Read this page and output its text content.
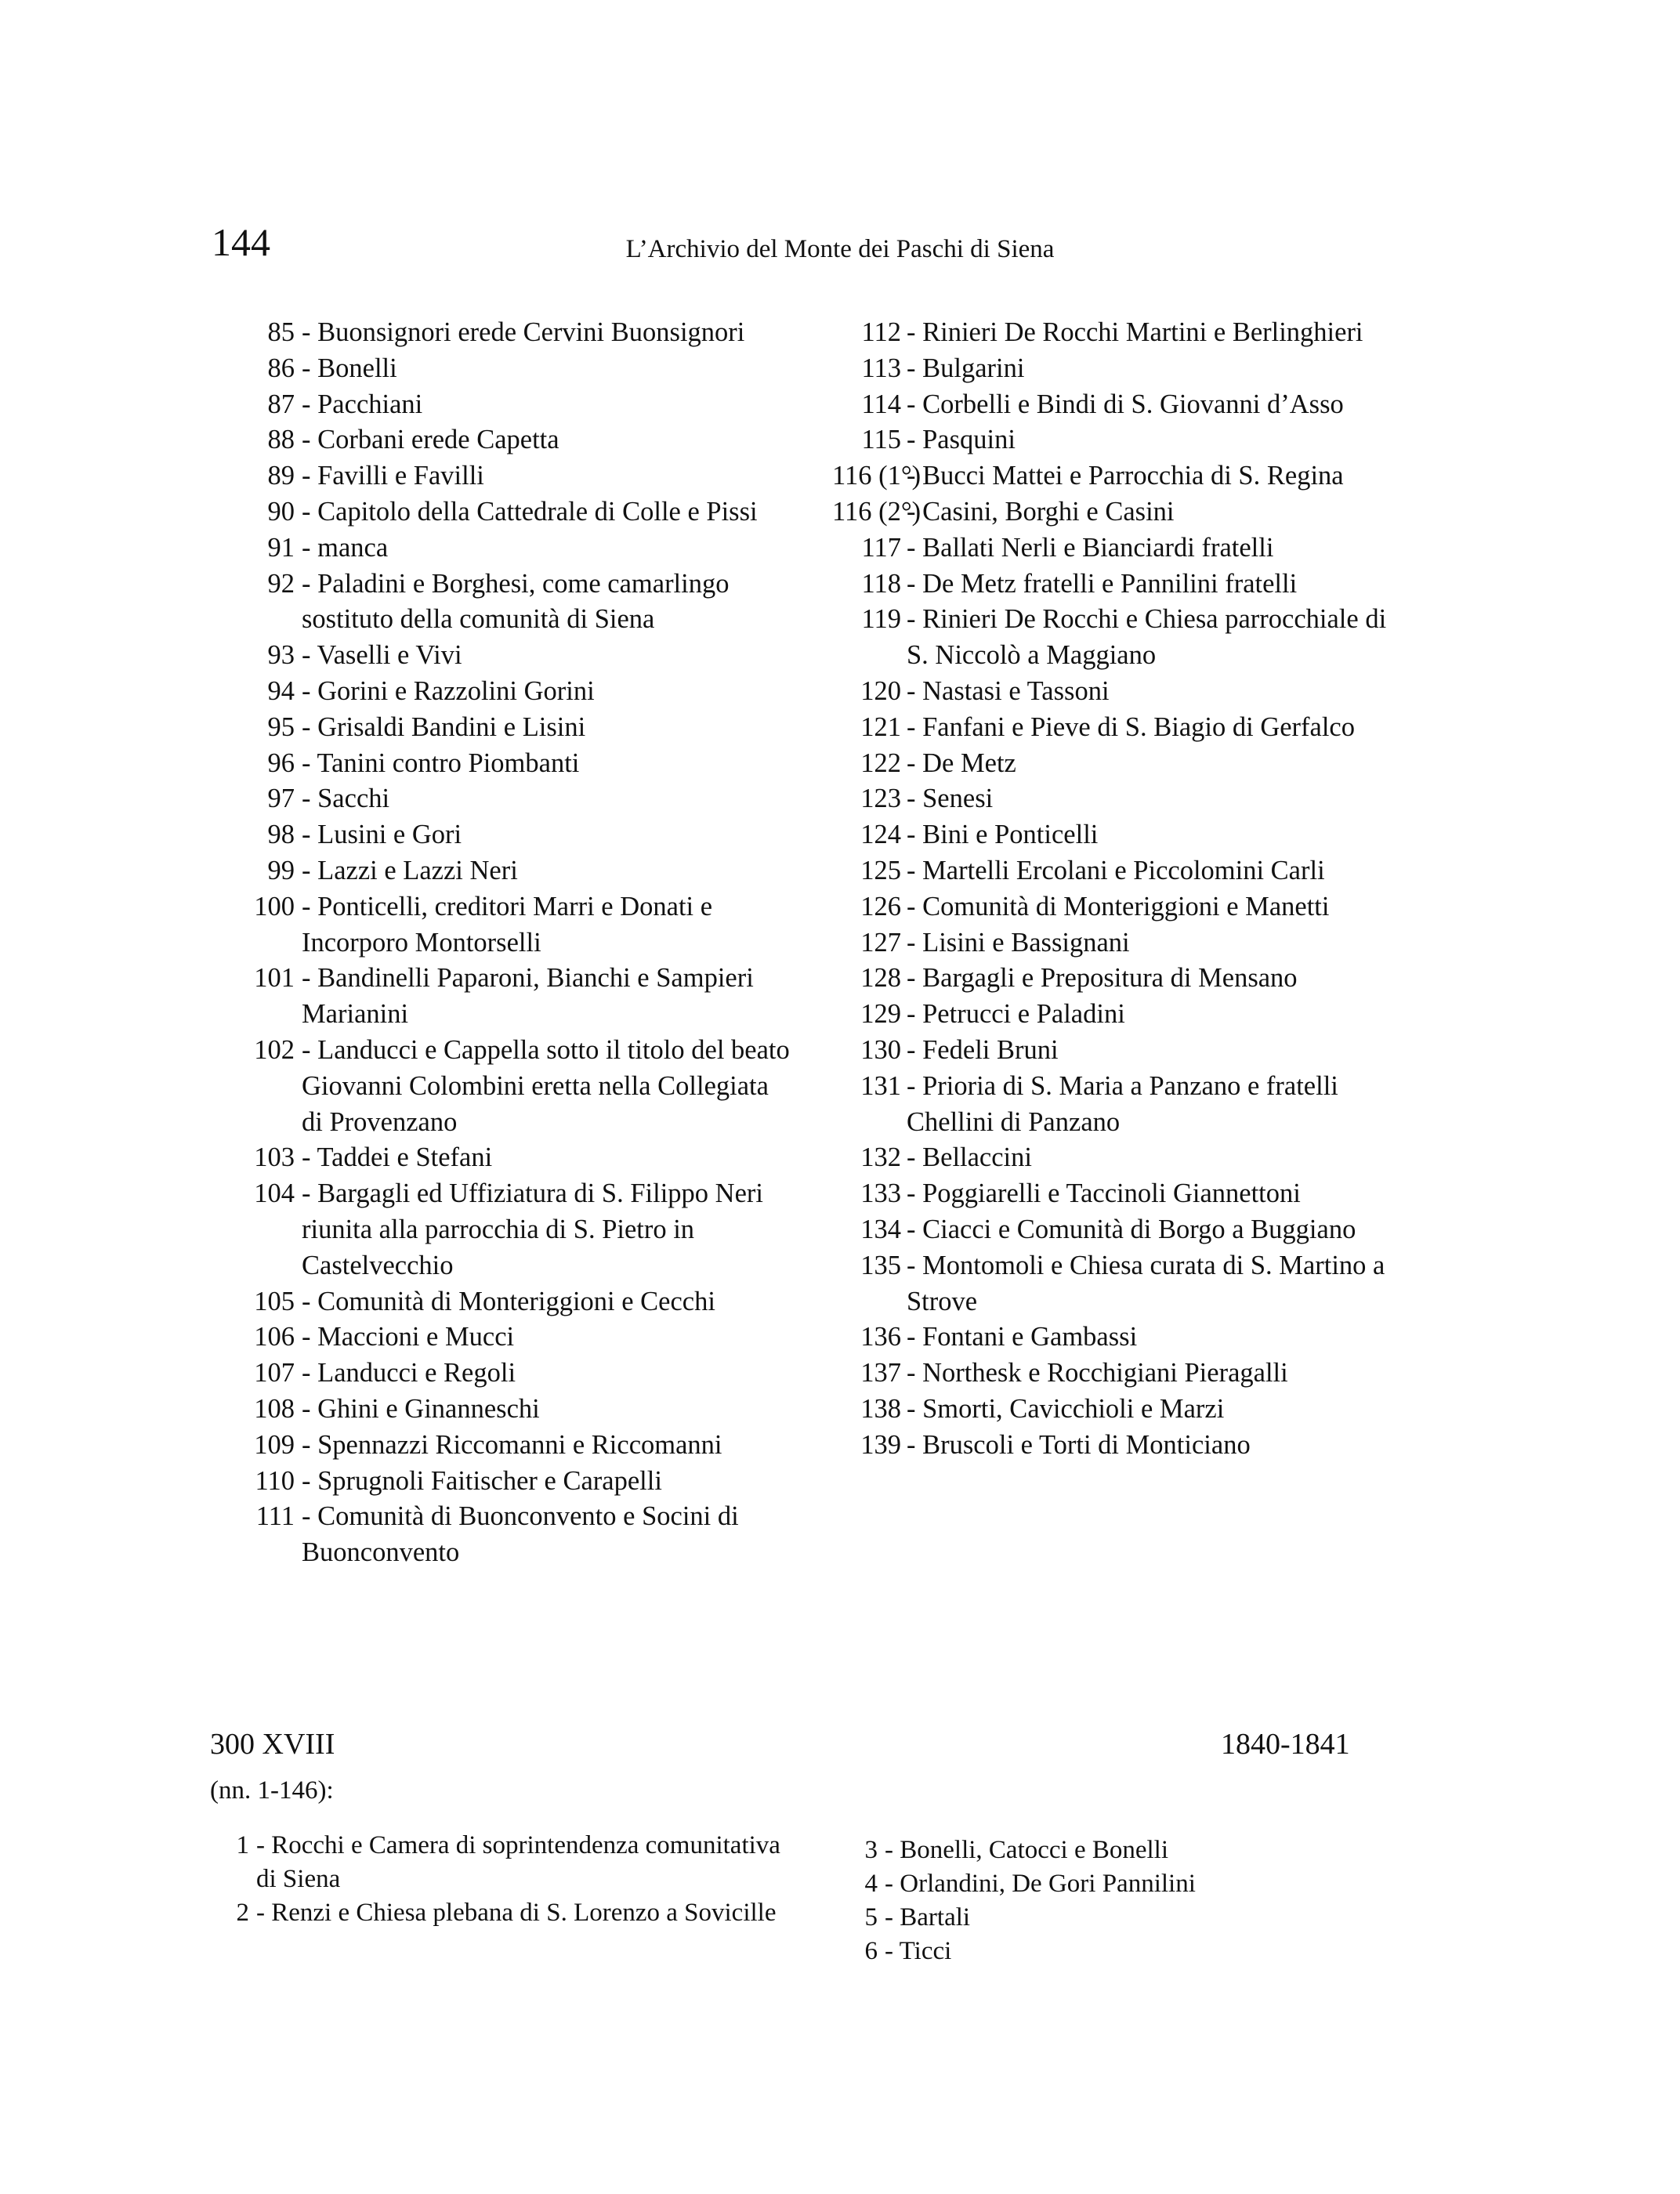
144	L’Archivio del Monte dei Paschi di Siena
85 - Buonsignori erede Cervini Buonsignori
86 - Bonelli
87 - Pacchiani
88 - Corbani erede Capetta
89 - Favilli e Favilli
90 - Capitolo della Cattedrale di Colle e Pissi
91 - manca
92 - Paladini e Borghesi, come camarlingo sostituto della comunità di Siena
93 - Vaselli e Vivi
94 - Gorini e Razzolini Gorini
95 - Grisaldi Bandini e Lisini
96 - Tanini contro Piombanti
97 - Sacchi
98 - Lusini e Gori
99 - Lazzi e Lazzi Neri
100 - Ponticelli, creditori Marri e Donati e Incorporo Montorselli
101 - Bandinelli Paparoni, Bianchi e Sampieri Marianini
102 - Landucci e Cappella sotto il titolo del beato Giovanni Colombini eretta nella Collegiata di Provenzano
103 - Taddei e Stefani
104 - Bargagli ed Uffiziatura di S. Filippo Neri riunita alla parrocchia di S. Pietro in Castelvecchio
105 - Comunità di Monteriggioni e Cecchi
106 - Maccioni e Mucci
107 - Landucci e Regoli
108 - Ghini e Ginanneschi
109 - Spennazzi Riccomanni e Riccomanni
110 - Sprugnoli Faitischer e Carapelli
111 - Comunità di Buonconvento e Socini di Buonconvento
112 - Rinieri De Rocchi Martini e Berlinghieri
113 - Bulgarini
114 - Corbelli e Bindi di S. Giovanni d’Asso
115 - Pasquini
116 (1°) - Bucci Mattei e Parrocchia di S. Regina
116 (2°) - Casini, Borghi e Casini
117 - Ballati Nerli e Bianciardi fratelli
118 - De Metz fratelli e Pannilini fratelli
119 - Rinieri De Rocchi e Chiesa parrocchiale di S. Niccolò a Maggiano
120 - Nastasi e Tassoni
121 - Fanfani e Pieve di S. Biagio di Gerfalco
122 - De Metz
123 - Senesi
124 - Bini e Ponticelli
125 - Martelli Ercolani e Piccolomini Carli
126 - Comunità di Monteriggioni e Manetti
127 - Lisini e Bassignani
128 - Bargagli e Prepositura di Mensano
129 - Petrucci e Paladini
130 - Fedeli Bruni
131 - Prioria di S. Maria a Panzano e fratelli Chellini di Panzano
132 - Bellaccini
133 - Poggiarelli e Taccinoli Giannettoni
134 - Ciacci e Comunità di Borgo a Buggiano
135 - Montomoli e Chiesa curata di S. Martino a Strove
136 - Fontani e Gambassi
137 - Northesk e Rocchigiani Pieragalli
138 - Smorti, Cavicchioli e Marzi
139 - Bruscoli e Torti di Monticiano
300 XVIII	1840-1841
(nn. 1-146):
1 - Rocchi e Camera di soprintendenza comunitativa di Siena
2 - Renzi e Chiesa plebana di S. Lorenzo a Sovicille
3 - Bonelli, Catocci e Bonelli
4 - Orlandini, De Gori Pannilini
5 - Bartali
6 - Ticci
